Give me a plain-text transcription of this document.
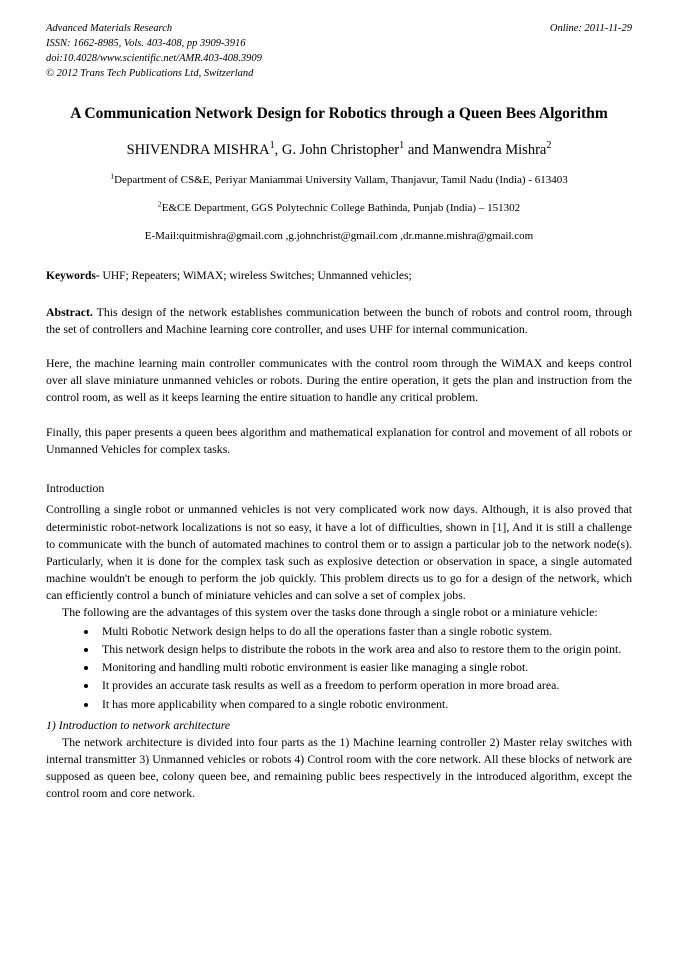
Advanced Materials Research
ISSN: 1662-8985, Vols. 403-408, pp 3909-3916
doi:10.4028/www.scientific.net/AMR.403-408.3909
© 2012 Trans Tech Publications Ltd, Switzerland
Online: 2011-11-29
A Communication Network Design for Robotics through a Queen Bees Algorithm
SHIVENDRA MISHRA$^1$, G. John Christopher$^1$ and Manwendra Mishra$^2$
$^1$Department of CS&E, Periyar Maniammai University Vallam, Thanjavur, Tamil Nadu (India) - 613403
$^2$E&CE Department, GGS Polytechnic College Bathinda, Punjab (India) – 151302
E-Mail:quitmishra@gmail.com ,g.johnchrist@gmail.com ,dr.manne.mishra@gmail.com
Keywords- UHF; Repeaters; WiMAX; wireless Switches; Unmanned vehicles;
Abstract. This design of the network establishes communication between the bunch of robots and control room, through the set of controllers and Machine learning core controller, and uses UHF for internal communication.
Here, the machine learning main controller communicates with the control room through the WiMAX and keeps control over all slave miniature unmanned vehicles or robots. During the entire operation, it gets the plan and instruction from the control room, as well as it keeps learning the entire situation to handle any critical problem.
Finally, this paper presents a queen bees algorithm and mathematical explanation for control and movement of all robots or Unmanned Vehicles for complex tasks.
Introduction
Controlling a single robot or unmanned vehicles is not very complicated work now days. Although, it is also proved that deterministic robot-network localizations is not so easy, it have a lot of difficulties, shown in [1], And it is still a challenge to communicate with the bunch of automated machines to control them or to assign a particular job to the network node(s). Particularly, when it is done for the complex task such as explosive detection or observation in space, a single automated machine wouldn't be enough to perform the job quickly. This problem directs us to go for a design of the network, which can efficiently control a bunch of miniature vehicles and can solve a set of complex jobs.
The following are the advantages of this system over the tasks done through a single robot or a miniature vehicle:
• Multi Robotic Network design helps to do all the operations faster than a single robotic system.
• This network design helps to distribute the robots in the work area and also to restore them to the origin point.
• Monitoring and handling multi robotic environment is easier like managing a single robot.
• It provides an accurate task results as well as a freedom to perform operation in more broad area.
• It has more applicability when compared to a single robotic environment.
1) Introduction to network architecture
The network architecture is divided into four parts as the 1) Machine learning controller 2) Master relay switches with internal transmitter 3) Unmanned vehicles or robots 4) Control room with the core network. All these blocks of network are supposed as queen bee, colony queen bee, and remaining public bees respectively in the introduced algorithm, except the control room and core network.
